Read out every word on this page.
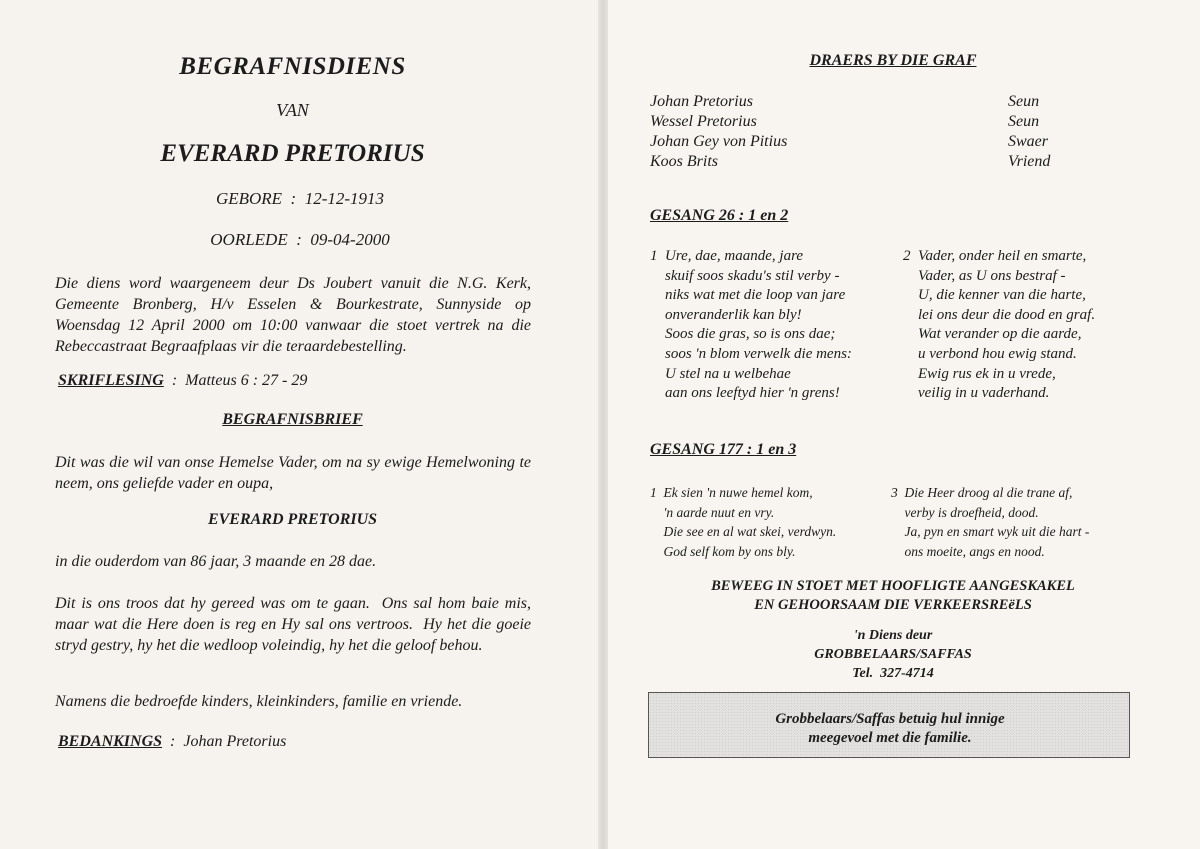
BEGRAFNISDIENS
VAN
EVERARD PRETORIUS
GEBORE  :  12-12-1913
OORLEDE  :  09-04-2000
Die diens word waargeneem deur Ds Joubert vanuit die N.G. Kerk, Gemeente Bronberg, H/v Esselen & Bourkestrate, Sunnyside op Woensdag 12 April 2000 om 10:00 vanwaar die stoet vertrek na die Rebeccastraat Begraafplaas vir die teraardebestelling.
SKRIFLESING  :  Matteus 6 : 27 - 29
BEGRAFNISBRIEF
Dit was die wil van onse Hemelse Vader, om na sy ewige Hemelwoning te neem, ons geliefde vader en oupa,
EVERARD PRETORIUS
in die ouderdom van 86 jaar, 3 maande en 28 dae.
Dit is ons troos dat hy gereed was om te gaan.  Ons sal hom baie mis, maar wat die Here doen is reg en Hy sal ons vertroos.  Hy het die goeie stryd gestry, hy het die wedloop voleindig, hy het die geloof behou.
Namens die bedroefde kinders, kleinkinders, familie en vriende.
BEDANKINGS  :  Johan Pretorius
DRAERS BY DIE GRAF
Johan Pretorius	Seun
Wessel Pretorius	Seun
Johan Gey von Pitius	Swaer
Koos Brits	Vriend
GESANG 26 : 1 en 2
1  Ure, dae, maande, jare
skuif soos skadu's stil verby -
niks wat met die loop van jare
onveranderlik kan bly!
Soos die gras, so is ons dae;
soos 'n blom verwelk die mens:
U stel na u welbehae
aan ons leeftyd hier 'n grens!
2  Vader, onder heil en smarte,
Vader, as U ons bestraf -
U, die kenner van die harte,
lei ons deur die dood en graf.
Wat verander op die aarde,
u verbond hou ewig stand.
Ewig rus ek in u vrede,
veilig in u vaderhand.
GESANG 177 : 1 en 3
1  Ek sien 'n nuwe hemel kom,
'n aarde nuut en vry.
Die see en al wat skei, verdwyn.
God self kom by ons bly.
3  Die Heer droog al die trane af,
verby is droefheid, dood.
Ja, pyn en smart wyk uit die hart -
ons moeite, angs en nood.
BEWEEG IN STOET MET HOOFLIGTE AANGESKAKEL
EN GEHOORSAAM DIE VERKEERSREëLS
'n Diens deur
GROBBELAARS/SAFFAS
Tel.  327-4714
Grobbelaars/Saffas betuig hul innige
meegevoel met die familie.
